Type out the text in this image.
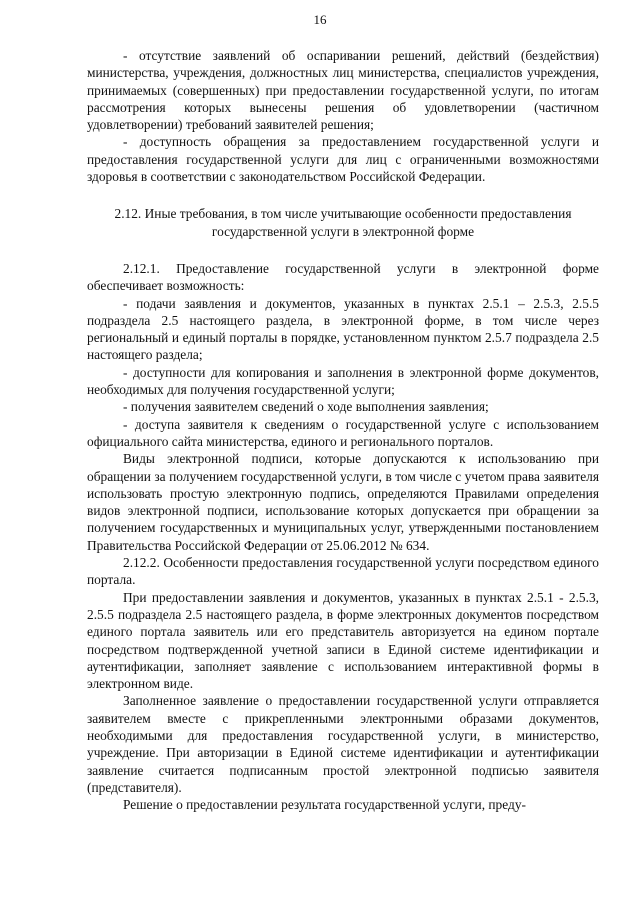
16

- отсутствие заявлений об оспаривании решений, действий (бездействия) министерства, учреждения, должностных лиц министерства, специалистов учреждения, принимаемых (совершенных) при предоставлении государственной услуги, по итогам рассмотрения которых вынесены решения об удовлетворении (частичном удовлетворении) требований заявителей решения;

- доступность обращения за предоставлением государственной услуги и предоставления государственной услуги для лиц с ограниченными возможностями здоровья в соответствии с законодательством Российской Федерации.

2.12. Иные требования, в том числе учитывающие особенности предоставления
государственной услуги в электронной форме

2.12.1. Предоставление государственной услуги в электронной форме обеспечивает возможность:

- подачи заявления и документов, указанных в пунктах 2.5.1 – 2.5.3, 2.5.5 подраздела 2.5 настоящего раздела, в электронной форме, в том числе через региональный и единый порталы в порядке, установленном пунктом 2.5.7 подраздела 2.5 настоящего раздела;

- доступности для копирования и заполнения в электронной форме документов, необходимых для получения государственной услуги;

- получения заявителем сведений о ходе выполнения заявления;

- доступа заявителя к сведениям о государственной услуге с использованием официального сайта министерства, единого и регионального порталов.

Виды электронной подписи, которые допускаются к использованию при обращении за получением государственной услуги, в том числе с учетом права заявителя использовать простую электронную подпись, определяются Правилами определения видов электронной подписи, использование которых допускается при обращении за получением государственных и муниципальных услуг, утвержденными постановлением Правительства Российской Федерации от 25.06.2012 № 634.

2.12.2. Особенности предоставления государственной услуги посредством единого портала.

При предоставлении заявления и документов, указанных в пунктах 2.5.1 - 2.5.3, 2.5.5 подраздела 2.5 настоящего раздела, в форме электронных документов посредством единого портала заявитель или его представитель авторизуется на едином портале посредством подтвержденной учетной записи в Единой системе идентификации и аутентификации, заполняет заявление с использованием интерактивной формы в электронном виде.

Заполненное заявление о предоставлении государственной услуги отправляется заявителем вместе с прикрепленными электронными образами документов, необходимыми для предоставления государственной услуги, в министерство, учреждение. При авторизации в Единой системе идентификации и аутентификации заявление считается подписанным простой электронной подписью заявителя (представителя).

Решение о предоставлении результата государственной услуги, преду-
